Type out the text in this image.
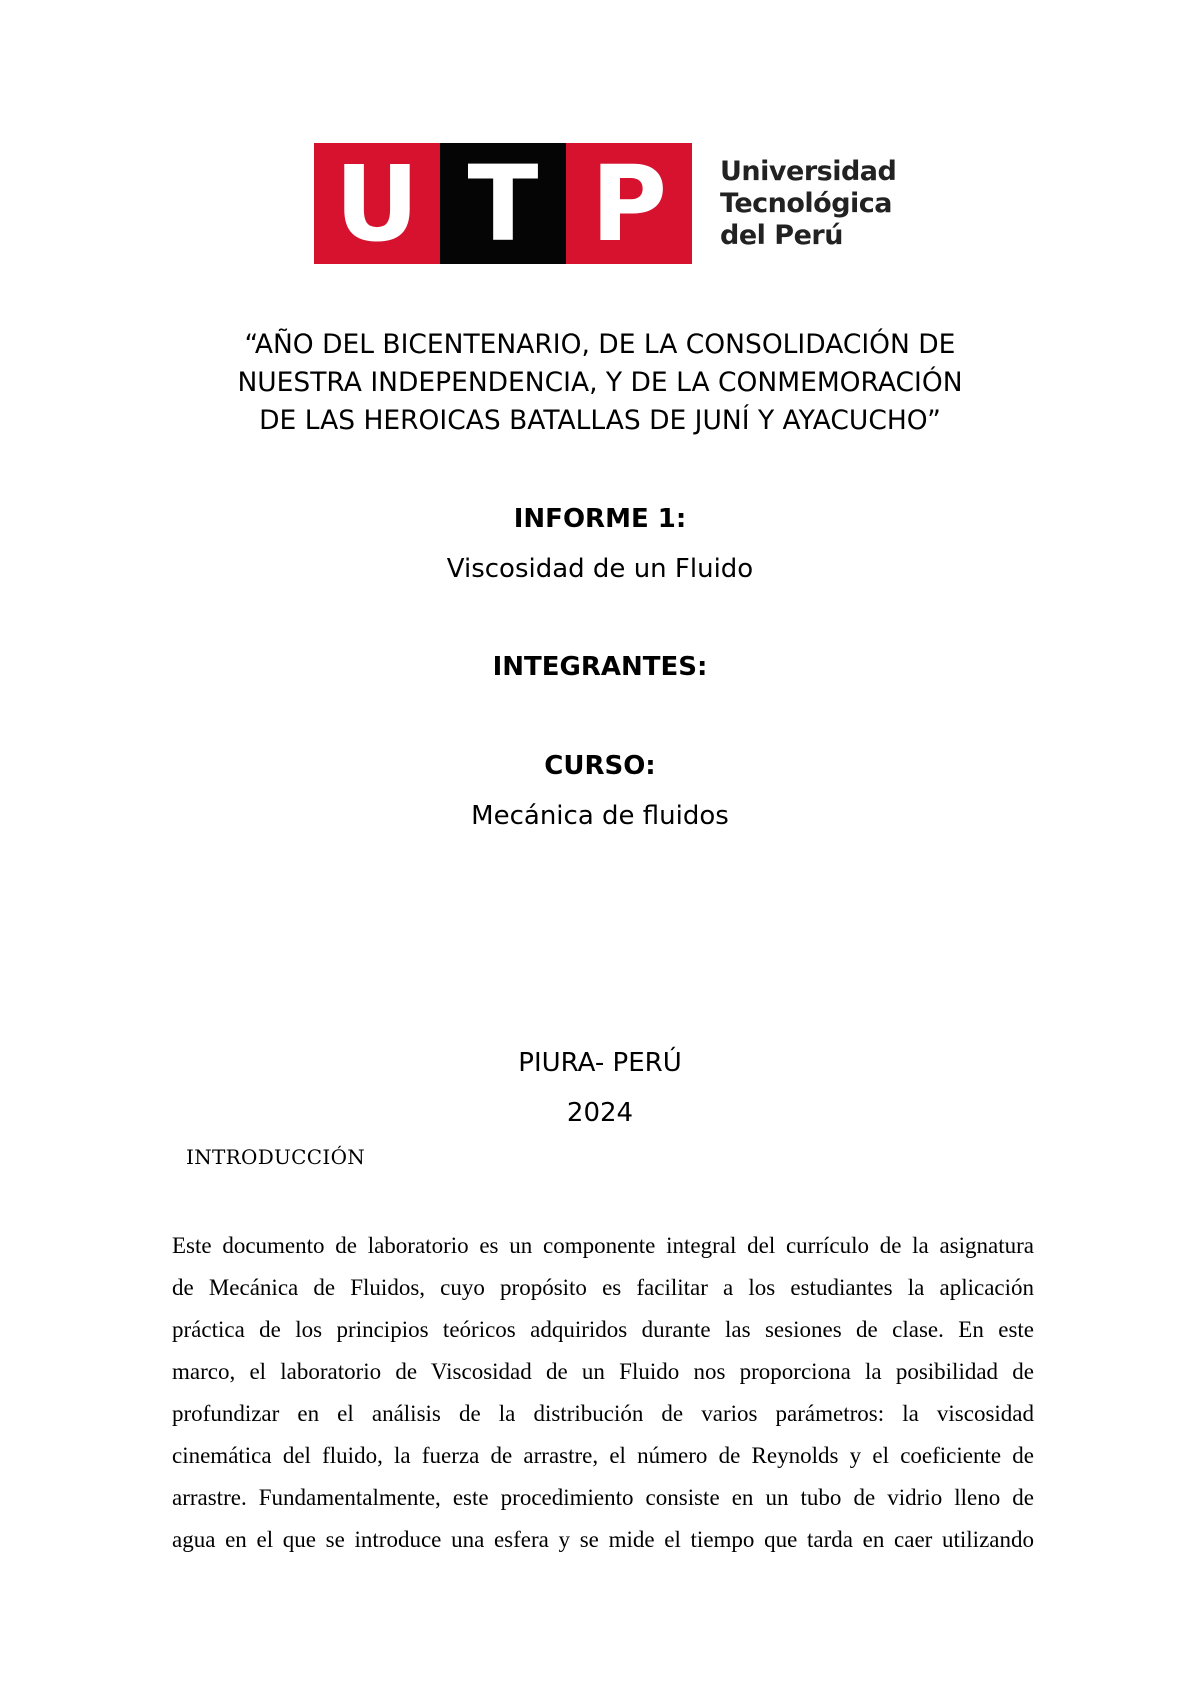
U T P	Universidad
Tecnológica
del Perú
“AÑO DEL BICENTENARIO, DE LA CONSOLIDACIÓN DE
NUESTRA INDEPENDENCIA, Y DE LA CONMEMORACIÓN
DE LAS HEROICAS BATALLAS DE JUNÍ Y AYACUCHO”
INFORME 1:
Viscosidad de un Fluido
INTEGRANTES:
CURSO:
Mecánica de fluidos
PIURA- PERÚ
2024
INTRODUCCIÓN
Este documento de laboratorio es un componente integral del currículo de la asignatura
de Mecánica de Fluidos, cuyo propósito es facilitar a los estudiantes la aplicación
práctica de los principios teóricos adquiridos durante las sesiones de clase. En este
marco, el laboratorio de Viscosidad de un Fluido nos proporciona la posibilidad de
profundizar en el análisis de la distribución de varios parámetros: la viscosidad
cinemática del fluido, la fuerza de arrastre, el número de Reynolds y el coeficiente de
arrastre. Fundamentalmente, este procedimiento consiste en un tubo de vidrio lleno de
agua en el que se introduce una esfera y se mide el tiempo que tarda en caer utilizando
